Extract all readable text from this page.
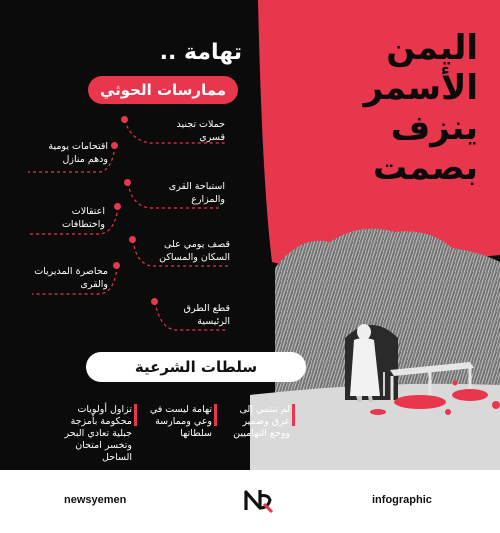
اليمن
الأسمر
ينزف بصمت
تهامة ..
ممارسات الحوثي
حملات تجنيد قسري
اقتحامات يومية ودهم منازل
استباحة القرى والمزارع
اعتقالات واختطافات
قصف يومي على السكان والمساكن
محاصرة المديريات والقرى
قطع الطرق الرئيسية
سلطات الشرعية
لم تنتمي إلى عرق وضمير ووجع التهاميين
تهامة ليست في وعي وممارسة سلطاتها
تزاول أولويات محكومة بأمزجة جبلية تعادي البحر وتخسر امتحان الساحل
newsyemen	infographic
